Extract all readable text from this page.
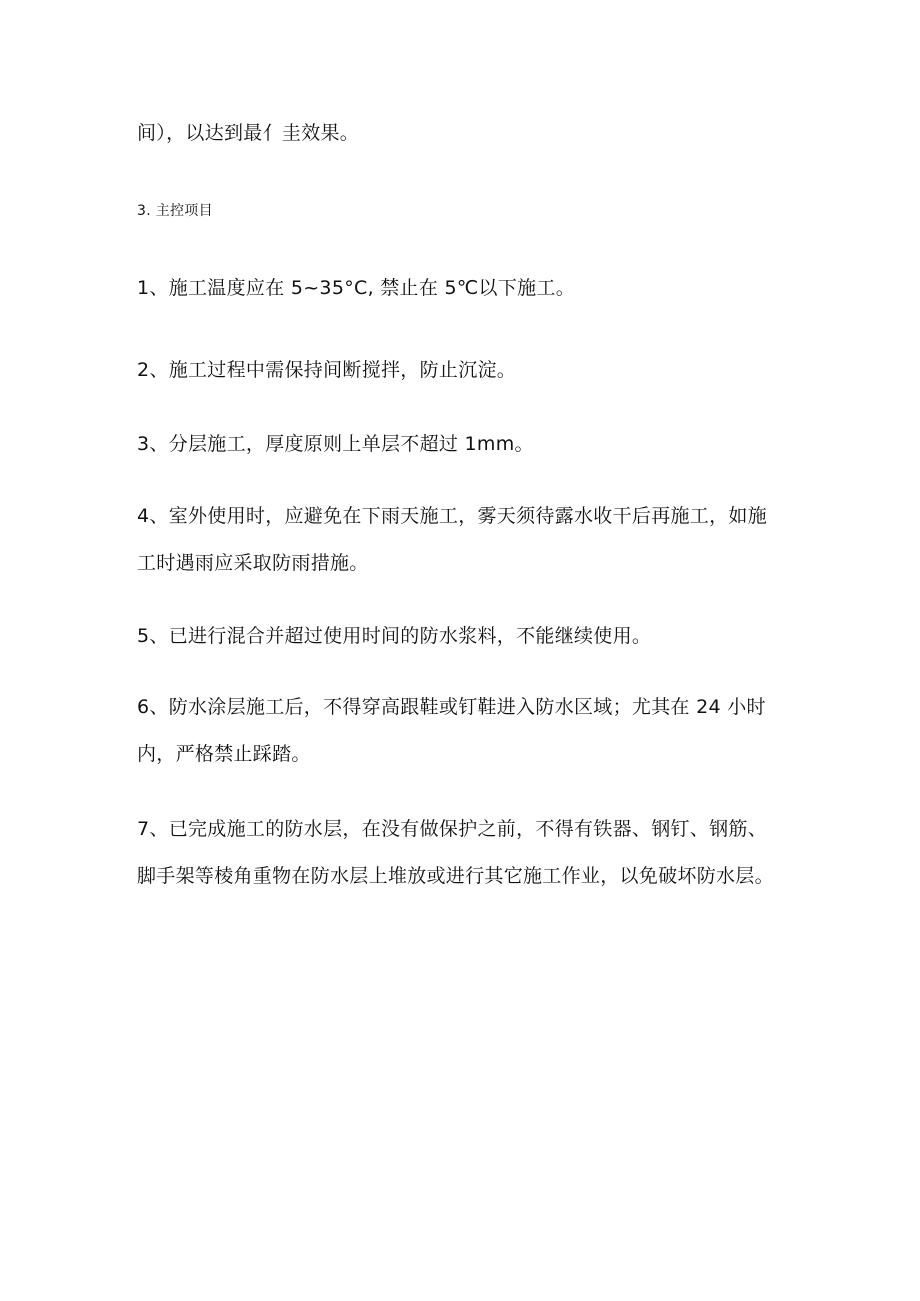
间），以达到最亻圭效果。
3. 主控项目
1、施工温度应在 5~35°C, 禁止在 5℃以下施工。
2、施工过程中需保持间断搅拌，防止沉淀。
3、分层施工，厚度原则上单层不超过 1mm。
4、室外使用时，应避免在下雨天施工，雾天须待露水收干后再施工，如施
工时遇雨应采取防雨措施。
5、已进行混合并超过使用时间的防水浆料，不能继续使用。
6、防水涂层施工后，不得穿高跟鞋或钉鞋进入防水区域；尤其在 24 小时
内，严格禁止踩踏。
7、已完成施工的防水层，在没有做保护之前，不得有铁器、钢钉、钢筋、
脚手架等棱角重物在防水层上堆放或进行其它施工作业，以免破坏防水层。
